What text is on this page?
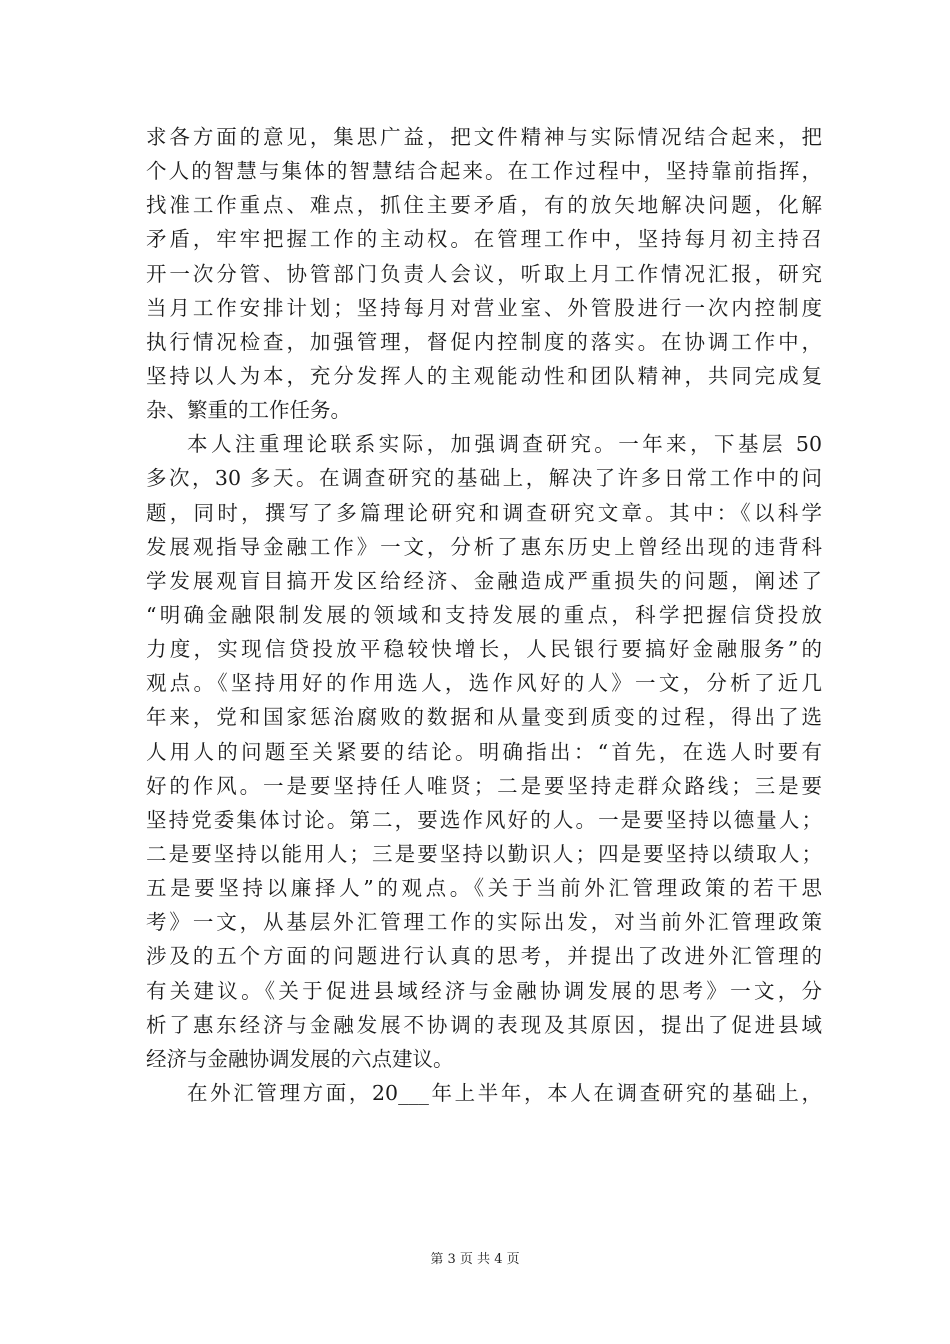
求各方面的意见，集思广益，把文件精神与实际情况结合起来，把
个人的智慧与集体的智慧结合起来。在工作过程中，坚持靠前指挥，
找准工作重点、难点，抓住主要矛盾，有的放矢地解决问题，化解
矛盾，牢牢把握工作的主动权。在管理工作中，坚持每月初主持召
开一次分管、协管部门负责人会议，听取上月工作情况汇报，研究
当月工作安排计划；坚持每月对营业室、外管股进行一次内控制度
执行情况检查，加强管理，督促内控制度的落实。在协调工作中，
坚持以人为本，充分发挥人的主观能动性和团队精神，共同完成复
杂、繁重的工作任务。
本人注重理论联系实际，加强调查研究。一年来，下基层 50
多次，30 多天。在调查研究的基础上，解决了许多日常工作中的问
题，同时，撰写了多篇理论研究和调查研究文章。其中：《以科学
发展观指导金融工作》一文，分析了惠东历史上曾经出现的违背科
学发展观盲目搞开发区给经济、金融造成严重损失的问题，阐述了
“明确金融限制发展的领域和支持发展的重点，科学把握信贷投放
力度，实现信贷投放平稳较快增长，人民银行要搞好金融服务”的
观点。《坚持用好的作用选人，选作风好的人》一文，分析了近几
年来，党和国家惩治腐败的数据和从量变到质变的过程，得出了选
人用人的问题至关紧要的结论。明确指出：“首先，在选人时要有
好的作风。一是要坚持任人唯贤；二是要坚持走群众路线；三是要
坚持党委集体讨论。第二，要选作风好的人。一是要坚持以德量人；
二是要坚持以能用人；三是要坚持以勤识人；四是要坚持以绩取人；
五是要坚持以廉择人”的观点。《关于当前外汇管理政策的若干思
考》一文，从基层外汇管理工作的实际出发，对当前外汇管理政策
涉及的五个方面的问题进行认真的思考，并提出了改进外汇管理的
有关建议。《关于促进县域经济与金融协调发展的思考》一文，分
析了惠东经济与金融发展不协调的表现及其原因，提出了促进县域
经济与金融协调发展的六点建议。
在外汇管理方面，20___年上半年，本人在调查研究的基础上，
第 3 页 共 4 页
